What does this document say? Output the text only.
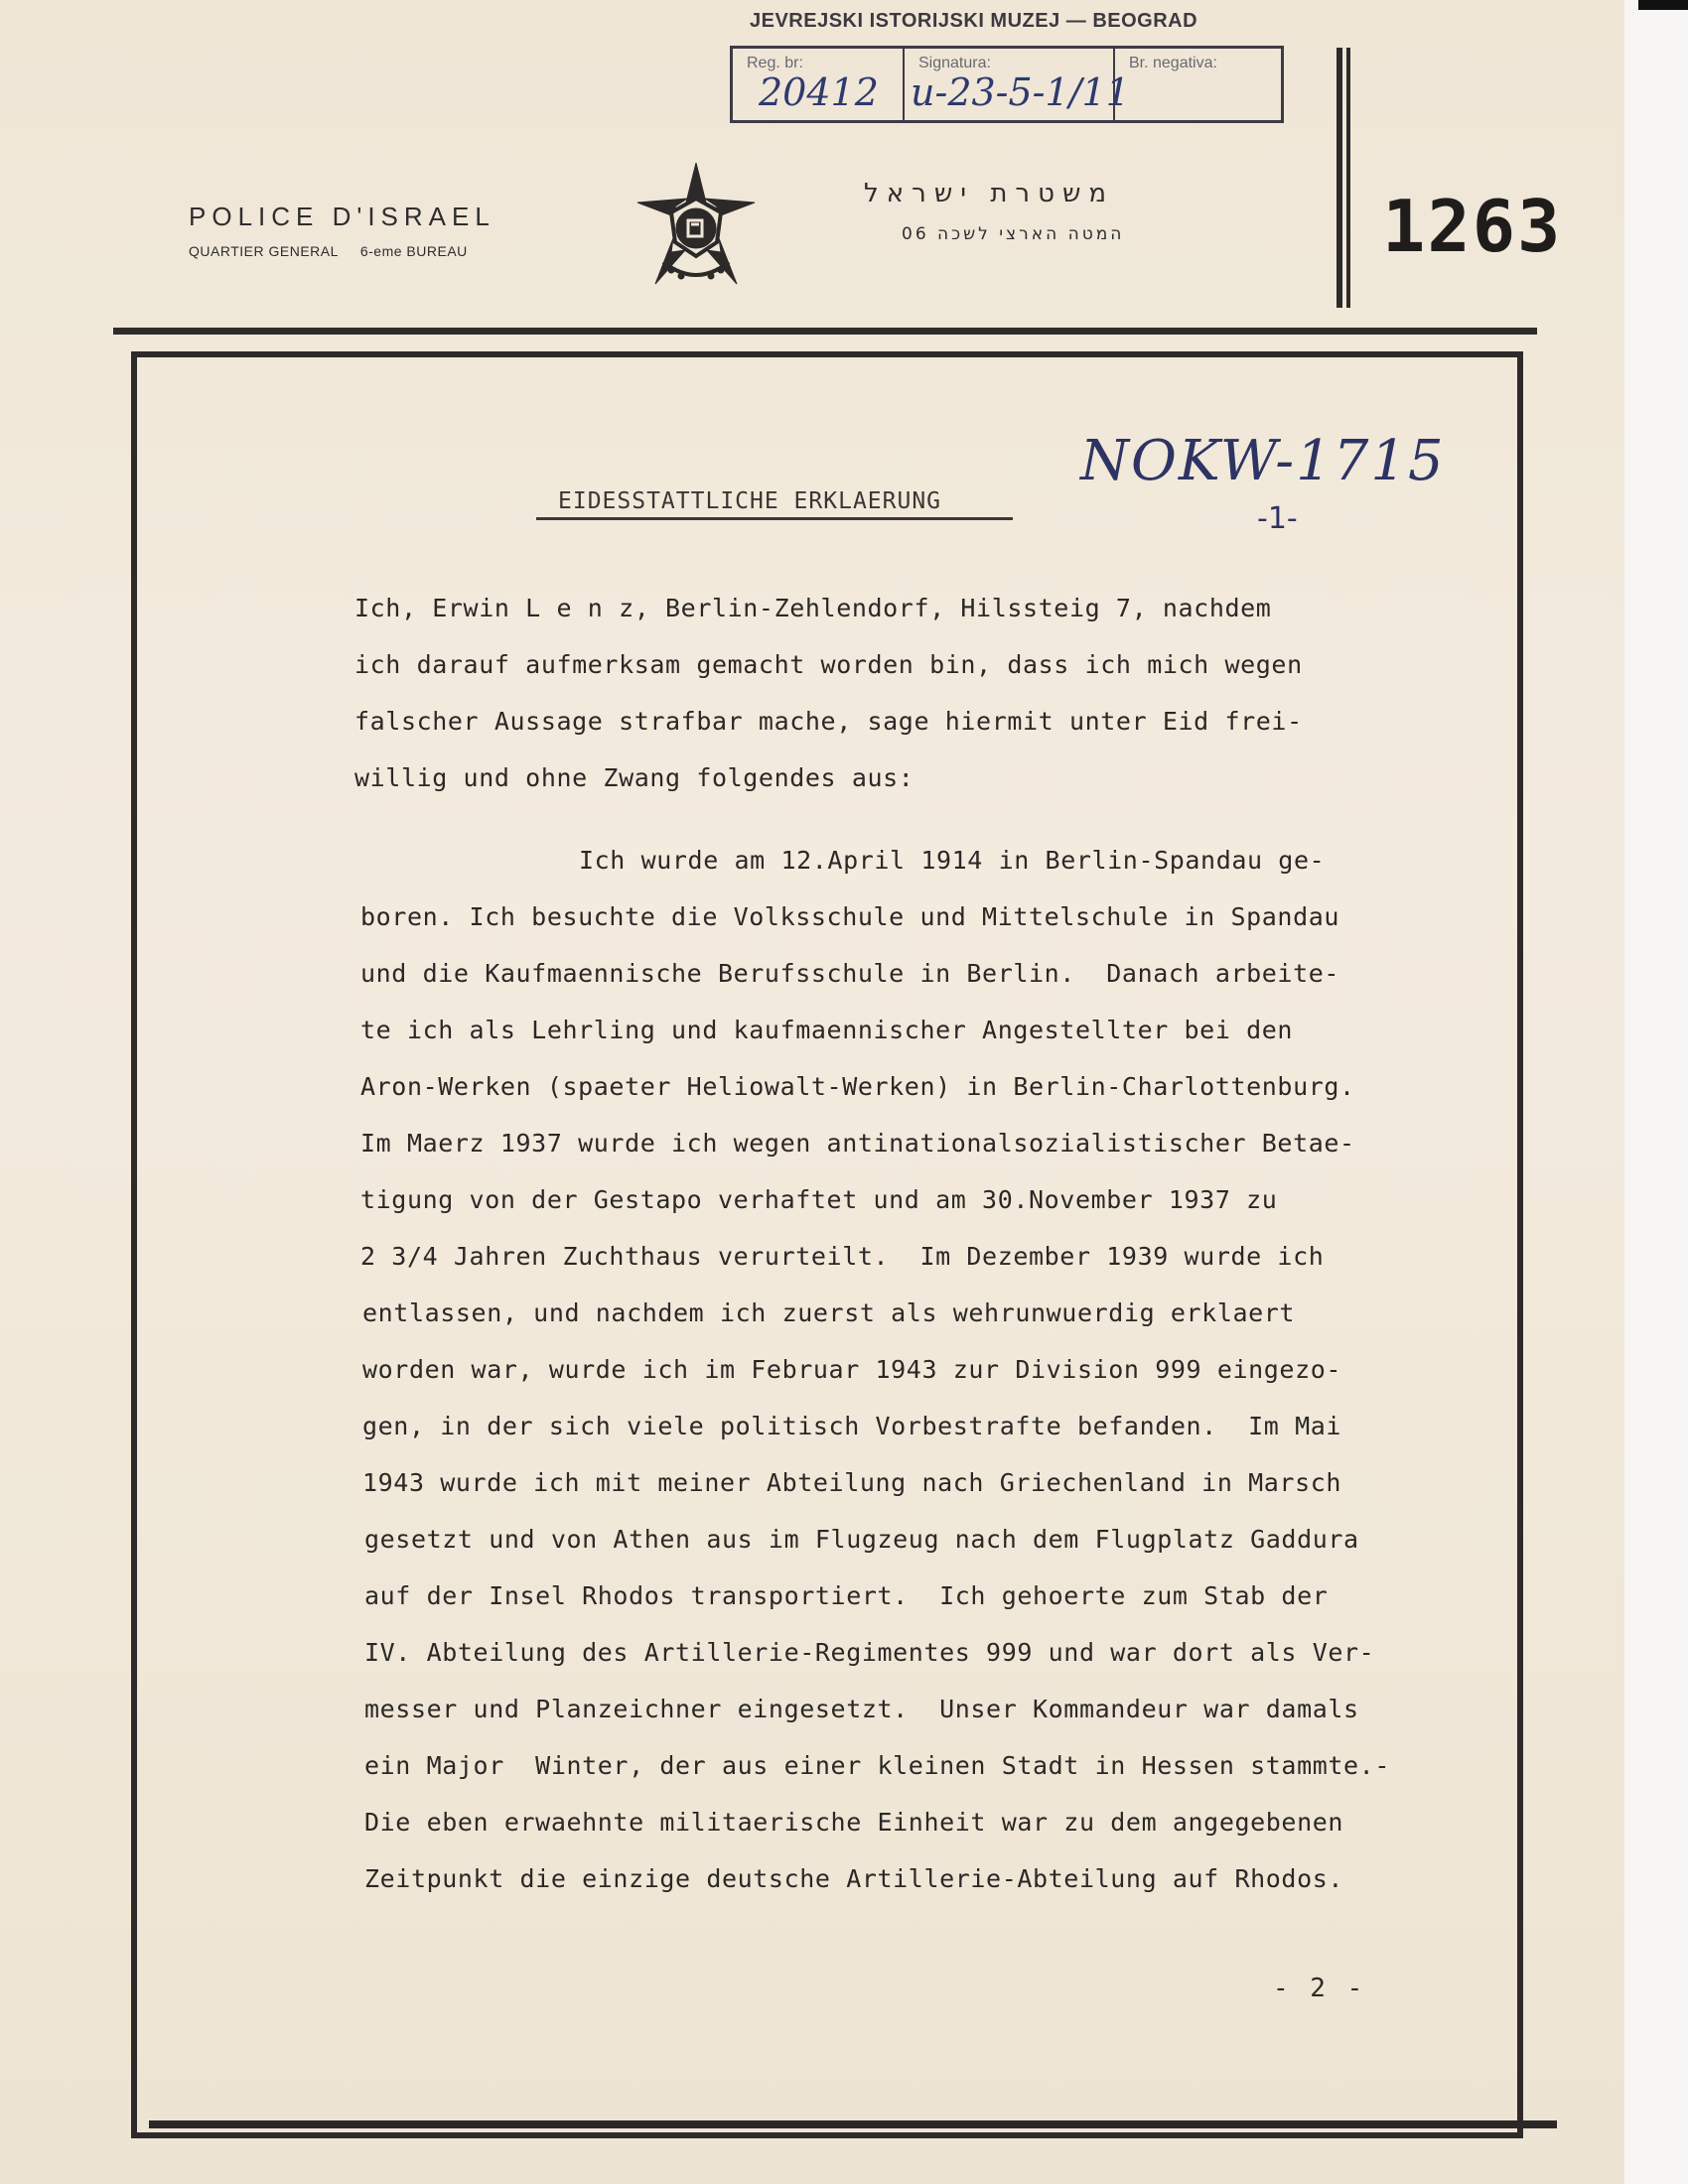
JEVREJSKI ISTORIJSKI MUZEJ — BEOGRAD
Reg. br:
20412
Signatura:
u-23-5-1/11
Br. negativa:
POLICE D'ISRAEL
QUARTIER GENERAL 6-eme BUREAU
משטרת ישראל
המטה הארצי לשכה 06	1263
NOKW-1715
-1-
EIDESSTATTLICHE ERKLAERUNG
Ich, Erwin L e n z, Berlin-Zehlendorf, Hilssteig 7, nachdem
ich darauf aufmerksam gemacht worden bin, dass ich mich wegen
falscher Aussage strafbar mache, sage hiermit unter Eid frei-
willig und ohne Zwang folgendes aus:
Ich wurde am 12.April 1914 in Berlin-Spandau ge-
boren. Ich besuchte die Volksschule und Mittelschule in Spandau
und die Kaufmaennische Berufsschule in Berlin.  Danach arbeite-
te ich als Lehrling und kaufmaennischer Angestellter bei den
Aron-Werken (spaeter Heliowalt-Werken) in Berlin-Charlottenburg.
Im Maerz 1937 wurde ich wegen antinationalsozialistischer Betae-
tigung von der Gestapo verhaftet und am 30.November 1937 zu
2 3/4 Jahren Zuchthaus verurteilt.  Im Dezember 1939 wurde ich
entlassen, und nachdem ich zuerst als wehrunwuerdig erklaert
worden war, wurde ich im Februar 1943 zur Division 999 eingezo-
gen, in der sich viele politisch Vorbestrafte befanden.  Im Mai
1943 wurde ich mit meiner Abteilung nach Griechenland in Marsch
gesetzt und von Athen aus im Flugzeug nach dem Flugplatz Gaddura
auf der Insel Rhodos transportiert.  Ich gehoerte zum Stab der
IV. Abteilung des Artillerie-Regimentes 999 und war dort als Ver-
messer und Planzeichner eingesetzt.  Unser Kommandeur war damals
ein Major  Winter, der aus einer kleinen Stadt in Hessen stammte.-
Die eben erwaehnte militaerische Einheit war zu dem angegebenen
Zeitpunkt die einzige deutsche Artillerie-Abteilung auf Rhodos.
- 2 -
